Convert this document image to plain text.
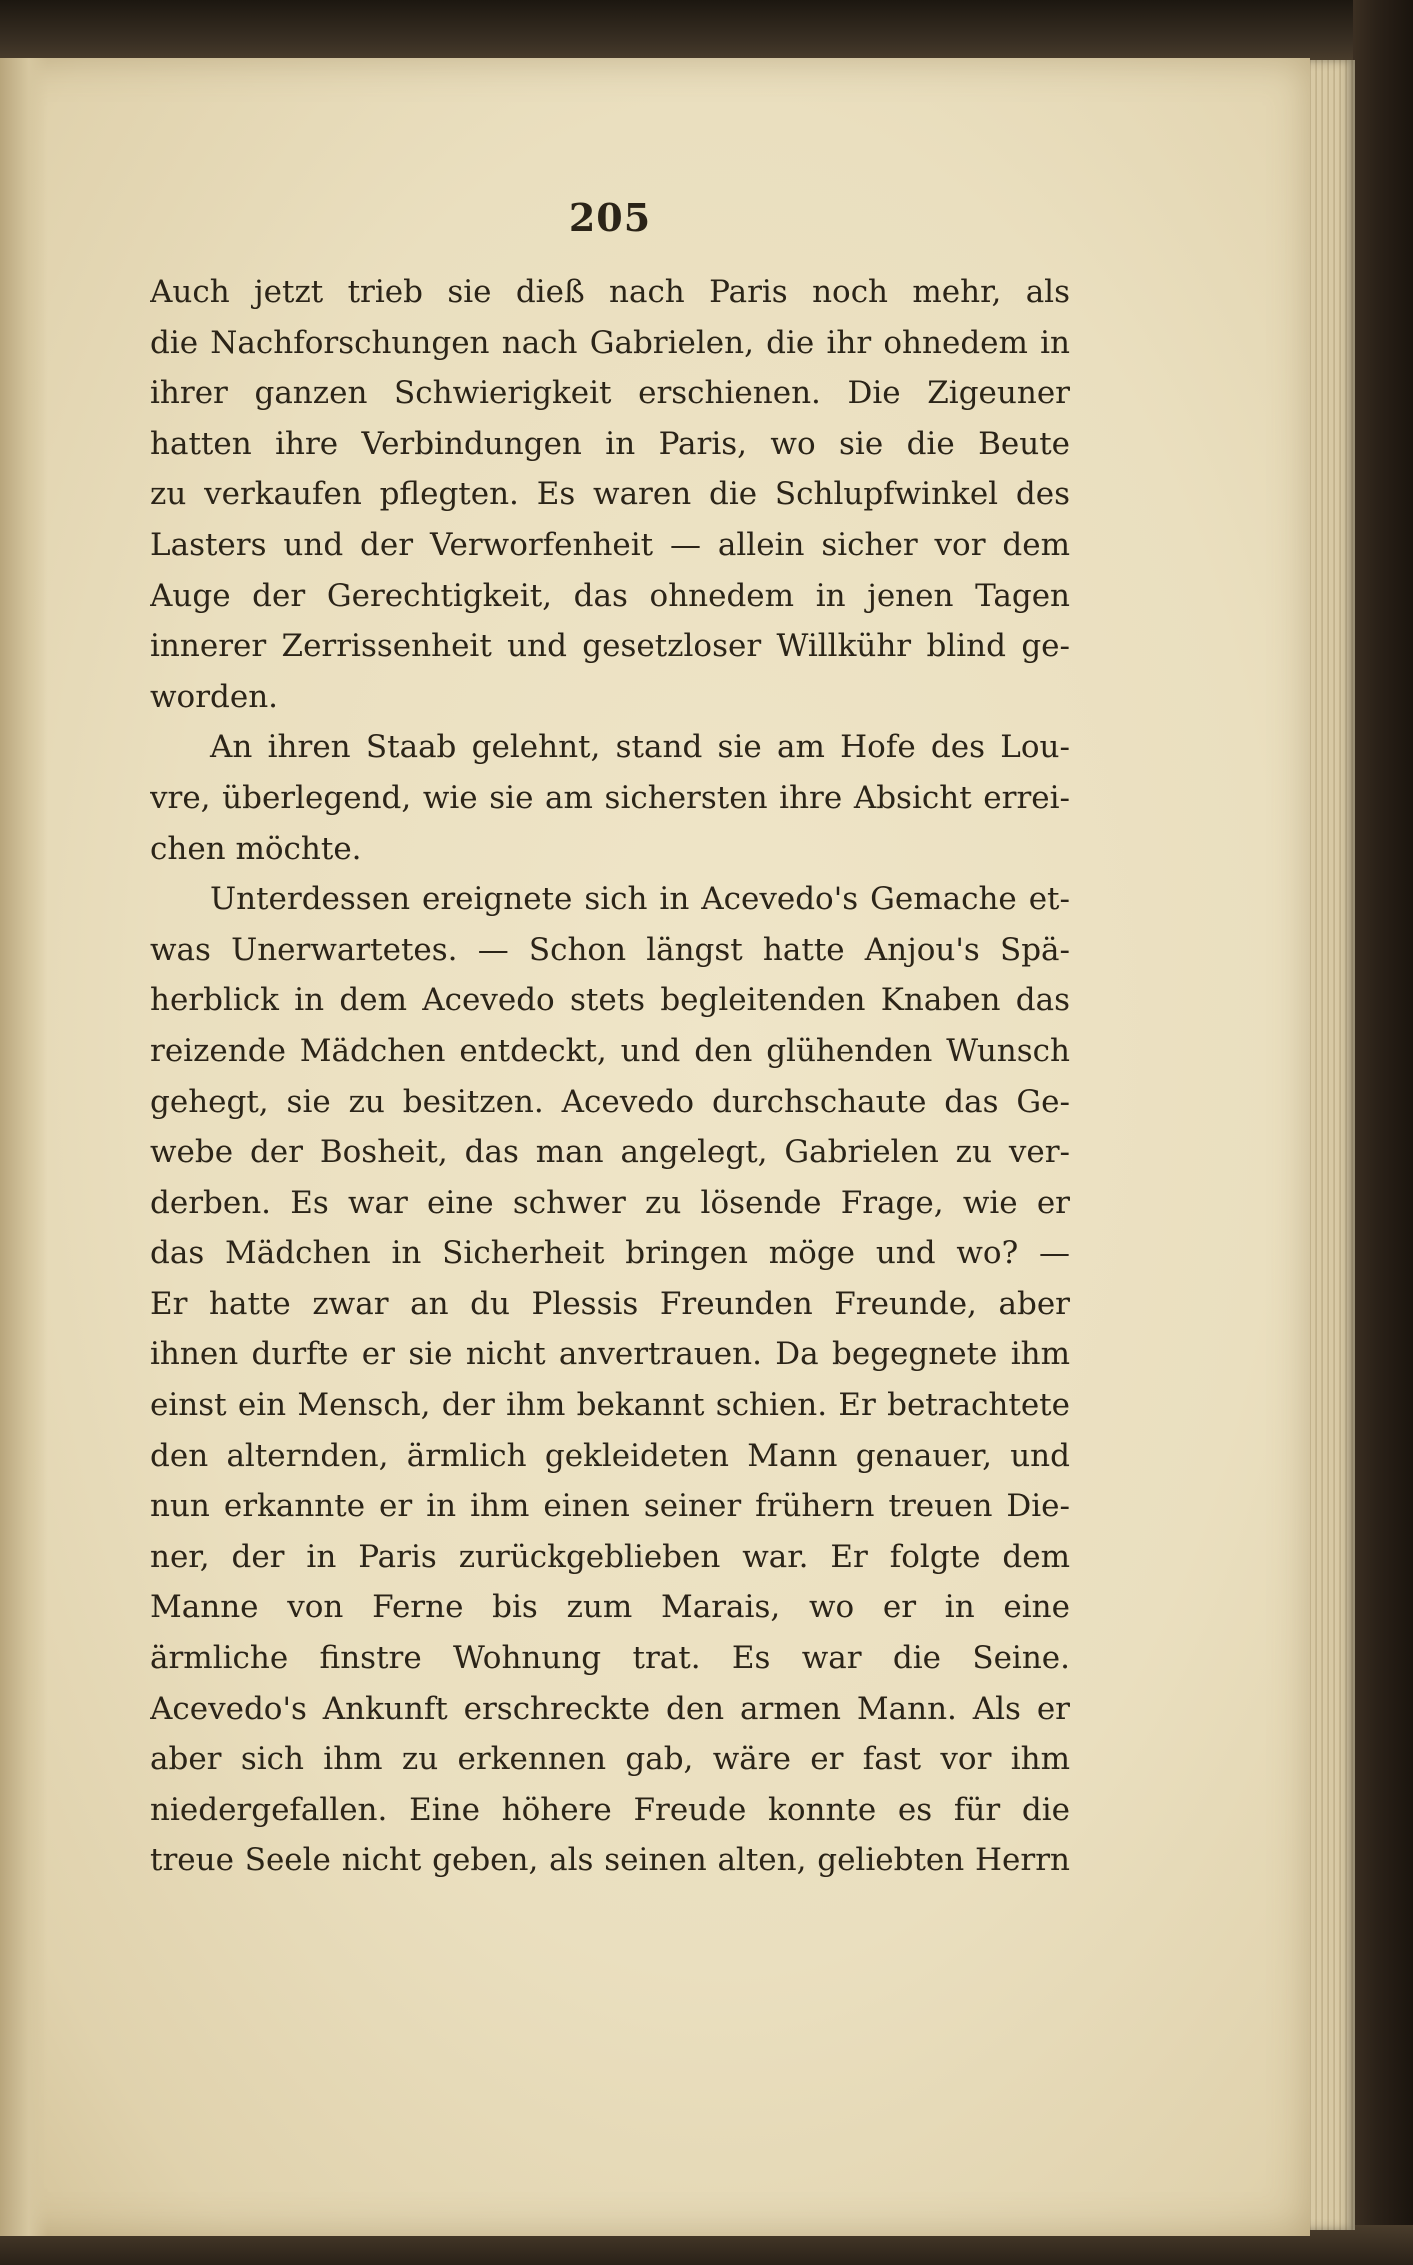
205
Auch jetzt trieb sie dieß nach Paris noch mehr, als
die Nachforschungen nach Gabrielen, die ihr ohnedem in
ihrer ganzen Schwierigkeit erschienen. Die Zigeuner
hatten ihre Verbindungen in Paris, wo sie die Beute
zu verkaufen pflegten. Es waren die Schlupfwinkel des
Lasters und der Verworfenheit — allein sicher vor dem
Auge der Gerechtigkeit, das ohnedem in jenen Tagen
innerer Zerrissenheit und gesetzloser Willkühr blind ge-
worden.
An ihren Staab gelehnt, stand sie am Hofe des Lou-
vre, überlegend, wie sie am sichersten ihre Absicht errei-
chen möchte.
Unterdessen ereignete sich in Acevedo's Gemache et-
was Unerwartetes. — Schon längst hatte Anjou's Spä-
herblick in dem Acevedo stets begleitenden Knaben das
reizende Mädchen entdeckt, und den glühenden Wunsch
gehegt, sie zu besitzen. Acevedo durchschaute das Ge-
webe der Bosheit, das man angelegt, Gabrielen zu ver-
derben. Es war eine schwer zu lösende Frage, wie er
das Mädchen in Sicherheit bringen möge und wo? —
Er hatte zwar an du Plessis Freunden Freunde, aber
ihnen durfte er sie nicht anvertrauen. Da begegnete ihm
einst ein Mensch, der ihm bekannt schien. Er betrachtete
den alternden, ärmlich gekleideten Mann genauer, und
nun erkannte er in ihm einen seiner frühern treuen Die-
ner, der in Paris zurückgeblieben war. Er folgte dem
Manne von Ferne bis zum Marais, wo er in eine
ärmliche finstre Wohnung trat. Es war die Seine.
Acevedo's Ankunft erschreckte den armen Mann. Als er
aber sich ihm zu erkennen gab, wäre er fast vor ihm
niedergefallen. Eine höhere Freude konnte es für die
treue Seele nicht geben, als seinen alten, geliebten Herrn
